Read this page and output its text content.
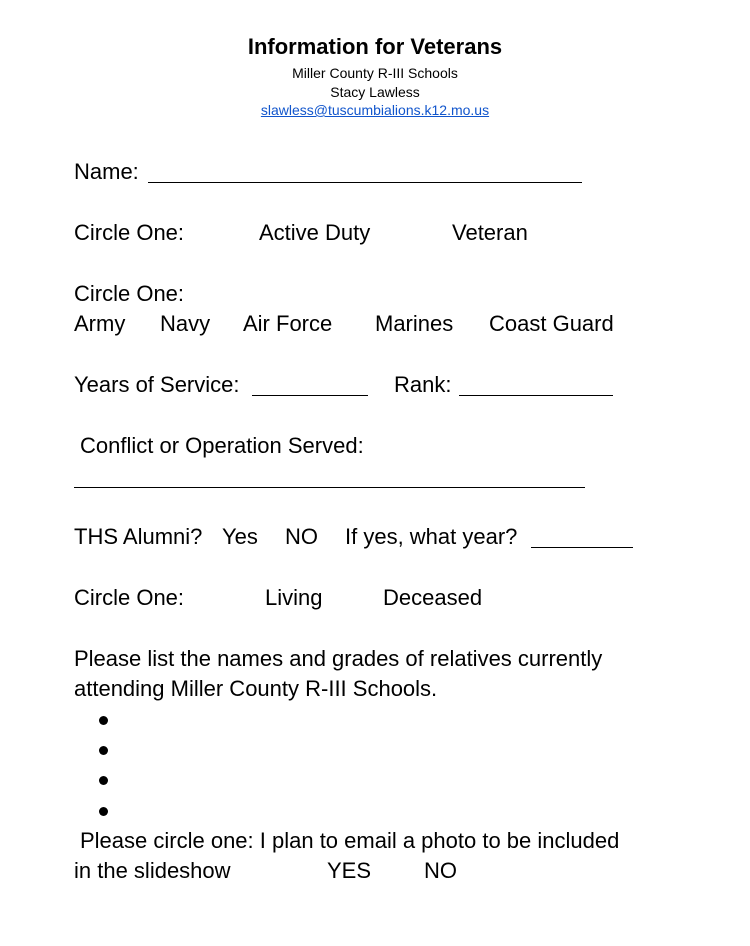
Information for Veterans
Miller County R-III Schools
Stacy Lawless
slawless@tuscumbialions.k12.mo.us
Name:
Circle One:	Active Duty	Veteran
Circle One:
Army Navy Air Force Marines Coast Guard
Years of Service:	Rank:
Conflict or Operation Served:
THS Alumni? Yes NO If yes, what year?
Circle One:	Living	Deceased
Please list the names and grades of relatives currently
attending Miller County R-III Schools.
Please circle one: I plan to email a photo to be included
in the slideshow	YES NO
